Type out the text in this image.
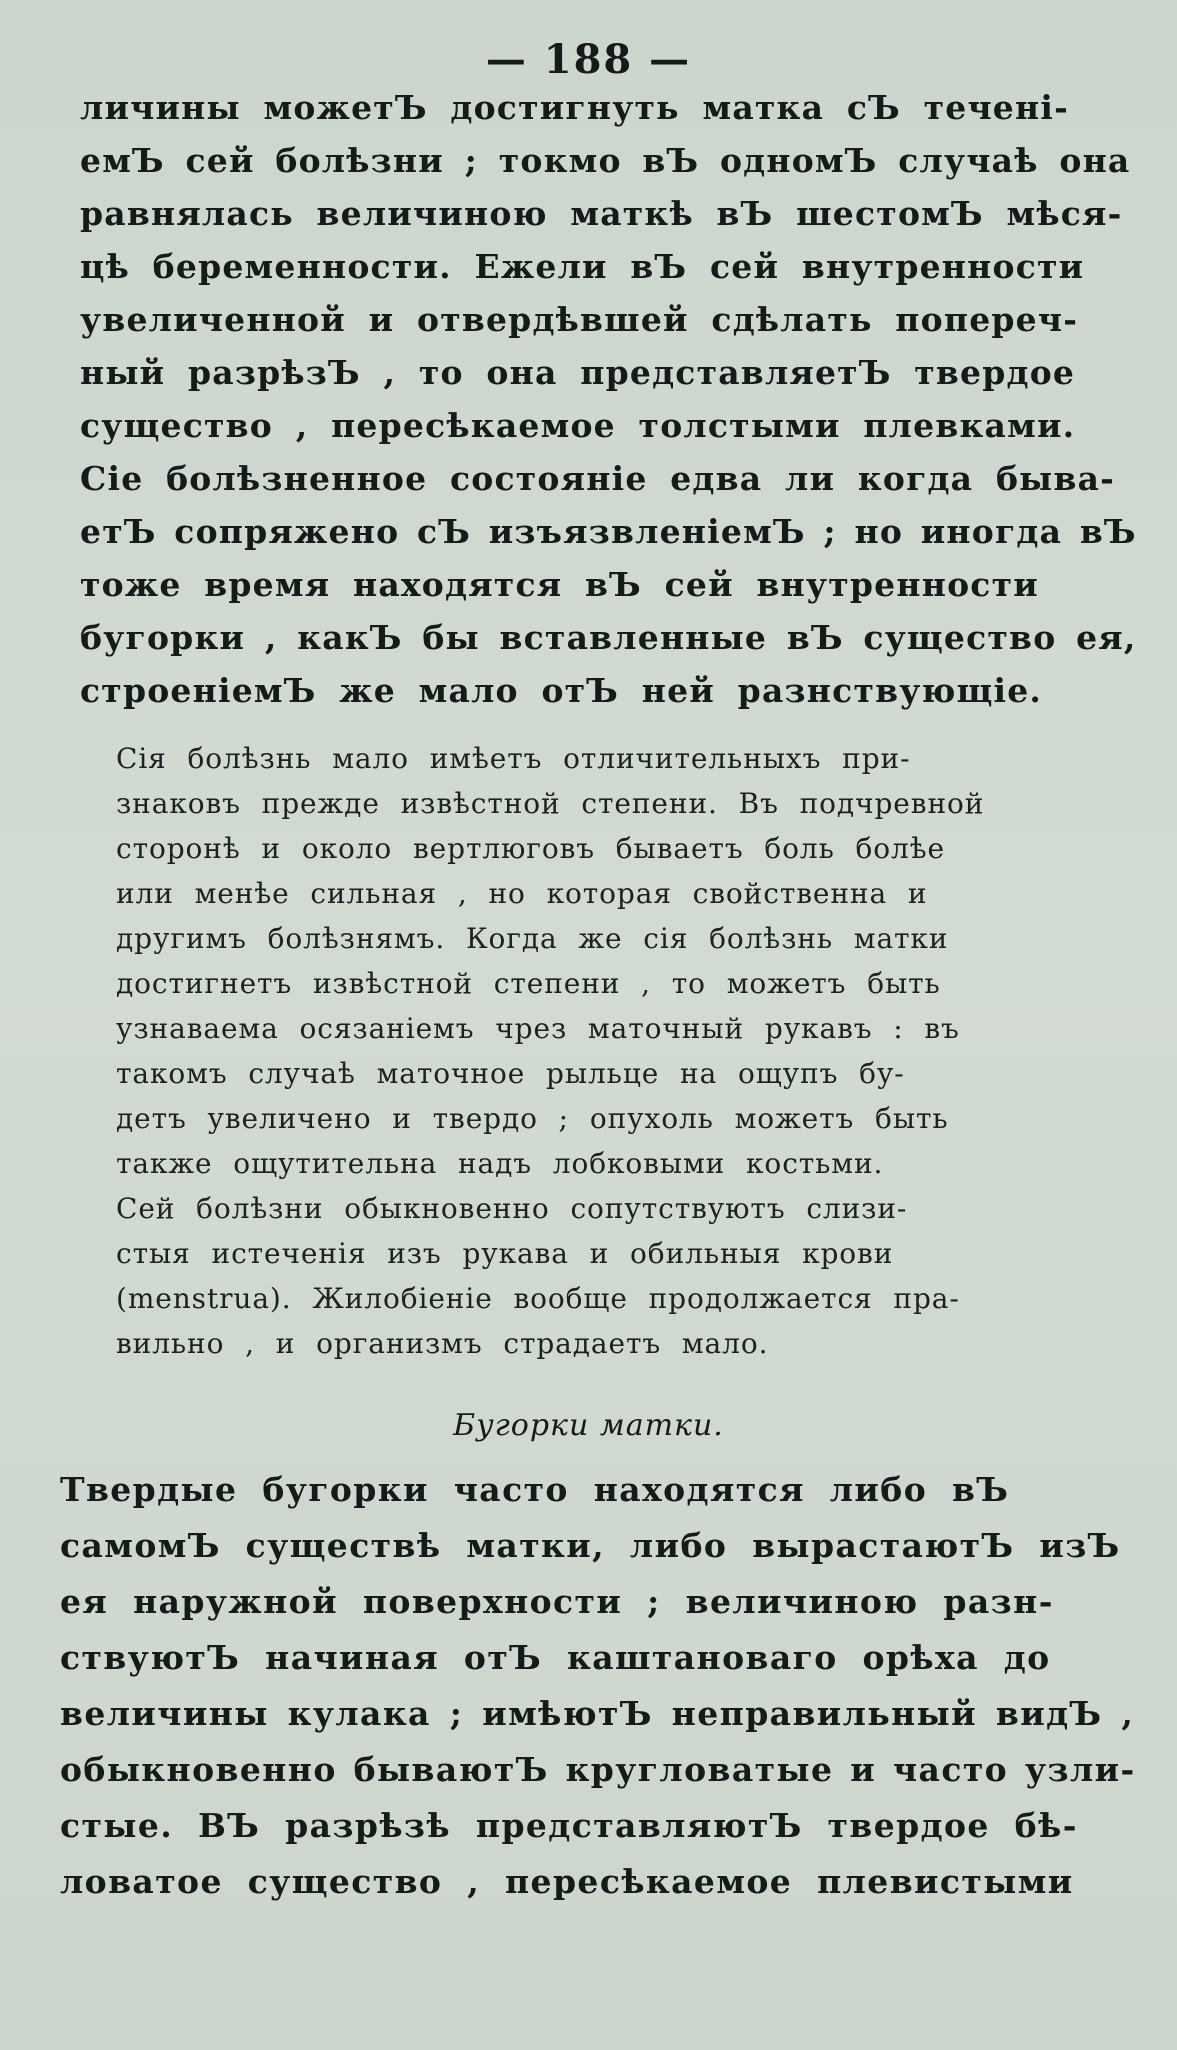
— 188 —
личины можетЪ достигнуть матка сЪ течені-
емЪ сей болѣзни ; токмо вЪ одномЪ случаѣ она
равнялась величиною маткѣ вЪ шестомЪ мѣся-
цѣ беременности. Ежели вЪ сей внутренности
увеличенной и отвердѣвшей сдѣлать попереч-
ный разрѣзЪ , то она представляетЪ твердое
существо , пересѣкаемое толстыми плевками.
Сіе болѣзненное состояніе едва ли когда быва-
етЪ сопряжено сЪ изъязвленіемЪ ; но иногда вЪ
тоже время находятся вЪ сей внутренности
бугорки , какЪ бы вставленные вЪ существо ея,
строеніемЪ же мало отЪ ней разнствующіе.
Сія болѣзнь мало имѣетъ отличительныхъ при-
знаковъ прежде извѣстной степени. Въ подчревной
сторонѣ и около вертлюговъ бываетъ боль болѣе
или менѣе сильная , но которая свойственна и
другимъ болѣзнямъ. Когда же сія болѣзнь матки
достигнетъ извѣстной степени , то можетъ быть
узнаваема осязаніемъ чрез маточный рукавъ : въ
такомъ случаѣ маточное рыльце на ощупъ бу-
детъ увеличено и твердо ; опухоль можетъ быть
также ощутительна надъ лобковыми костьми.
Сей болѣзни обыкновенно сопутствуютъ слизи-
стыя истеченія изъ рукава и обильныя крови
(menstrua). Жилобіеніе вообще продолжается пра-
вильно , и организмъ страдаетъ мало.
Бугорки матки.
Твердые бугорки часто находятся либо вЪ
самомЪ существѣ матки, либо вырастаютЪ изЪ
ея наружной поверхности ; величиною разн-
ствуютЪ начиная отЪ каштановаго орѣха до
величины кулака ; имѣютЪ неправильный видЪ ,
обыкновенно бываютЪ кругловатые и часто узли-
стые. ВЪ разрѣзѣ представляютЪ твердое бѣ-
ловатое существо , пересѣкаемое плевистыми
